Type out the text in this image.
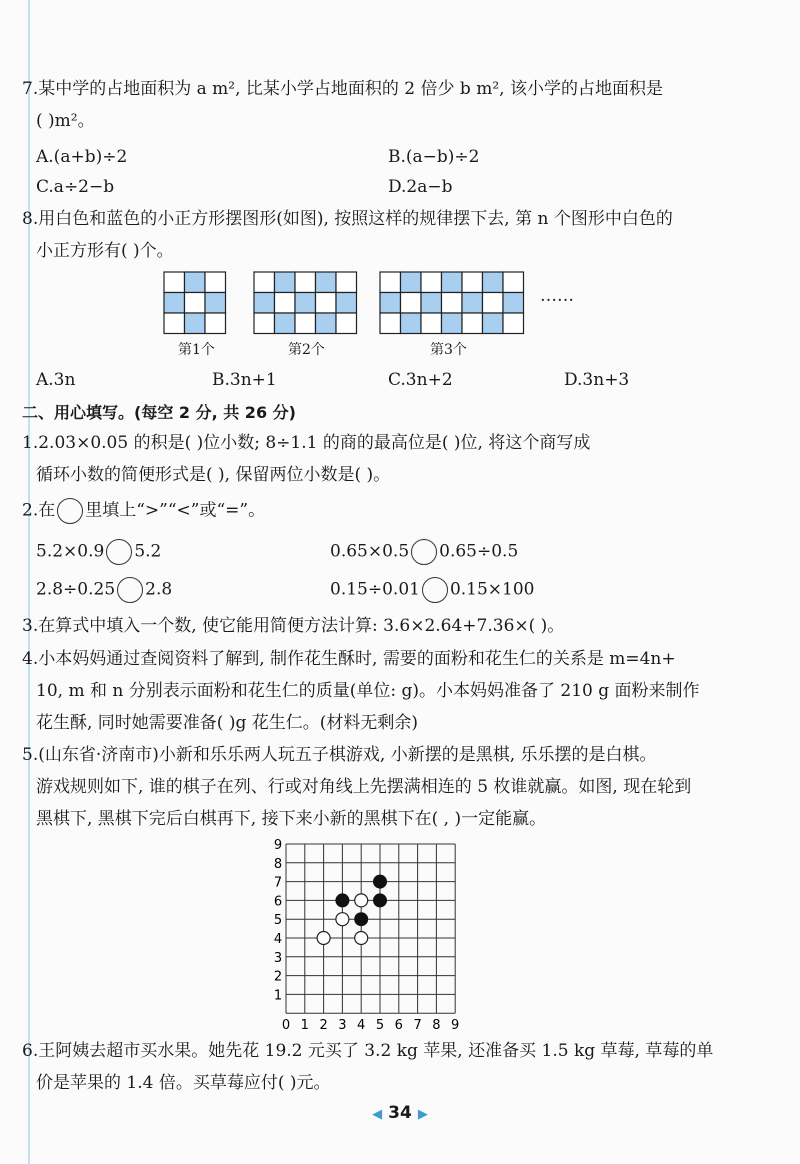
7.某中学的占地面积为 a m², 比某小学占地面积的 2 倍少 b m², 该小学的占地面积是
( )m²。
A.(a+b)÷2	B.(a−b)÷2
C.a÷2−b	D.2a−b
8.用白色和蓝色的小正方形摆图形(如图), 按照这样的规律摆下去, 第 n 个图形中白色的
小正方形有( )个。
第1个	第2个	第3个
……
A.3n	B.3n+1	C.3n+2	D.3n+3
二、用心填写。(每空 2 分, 共 26 分)
1.2.03×0.05 的积是( )位小数; 8÷1.1 的商的最高位是( )位, 将这个商写成
循环小数的简便形式是( ), 保留两位小数是( )。
2.在 里填上“>”“<”或“=”。
5.2×0.9 5.2	0.65×0.5 0.65÷0.5
2.8÷0.25 2.8	0.15÷0.01 0.15×100
3.在算式中填入一个数, 使它能用简便方法计算: 3.6×2.64+7.36×( )。
4.小本妈妈通过查阅资料了解到, 制作花生酥时, 需要的面粉和花生仁的关系是 m=4n+
10, m 和 n 分别表示面粉和花生仁的质量(单位: g)。小本妈妈准备了 210 g 面粉来制作
花生酥, 同时她需要准备( )g 花生仁。(材料无剩余)
5.(山东省·济南市)小新和乐乐两人玩五子棋游戏, 小新摆的是黑棋, 乐乐摆的是白棋。
游戏规则如下, 谁的棋子在列、行或对角线上先摆满相连的 5 枚谁就赢。如图, 现在轮到
黑棋下, 黑棋下完后白棋再下, 接下来小新的黑棋下在( , )一定能赢。
0 1 2 3 4 5 6 7 8 9
1
2
3
4
5
6
7
8
9
6.王阿姨去超市买水果。她先花 19.2 元买了 3.2 kg 苹果, 还准备买 1.5 kg 草莓, 草莓的单
价是苹果的 1.4 倍。买草莓应付( )元。
◀ 34 ▶
